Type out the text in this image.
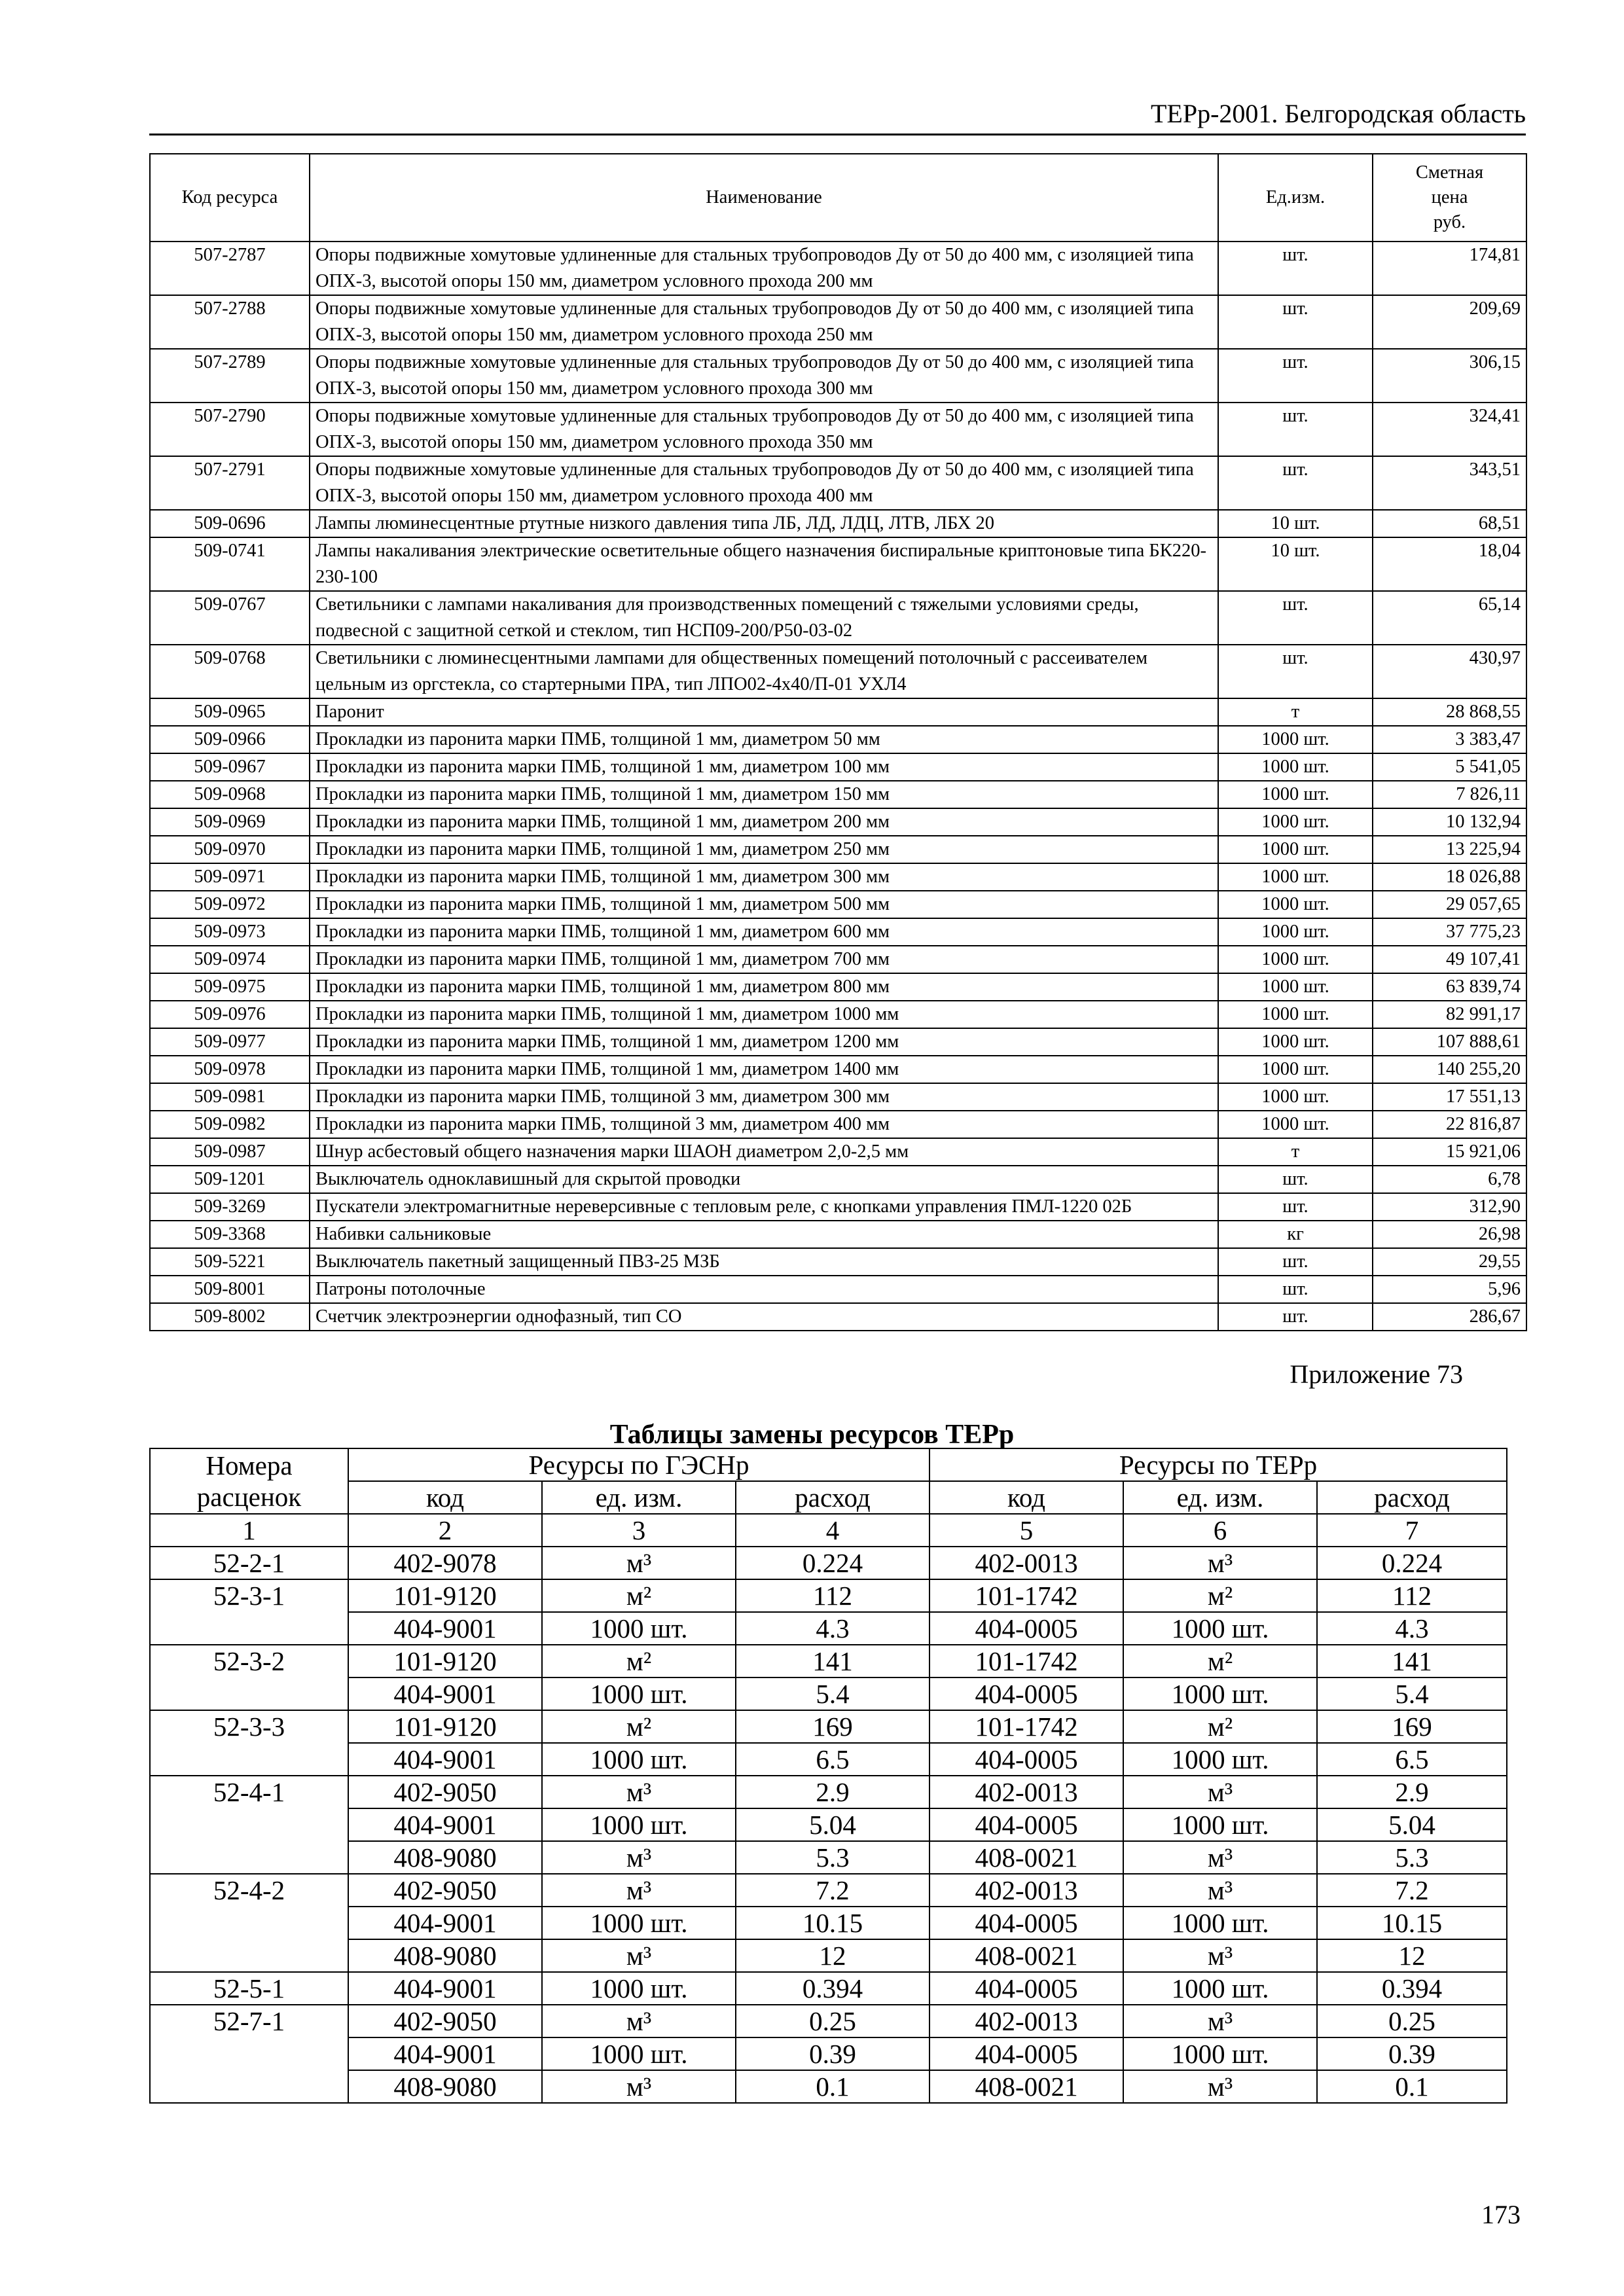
ТЕРр-2001. Белгородская область
Код ресурса	Наименование	Ед.изм.	Сметная цена руб.

507-2787	Опоры подвижные хомутовые удлиненные для стальных трубопроводов Ду от 50 до 400 мм, с изоляцией типа ОПХ-3, высотой опоры 150 мм, диаметром условного прохода 200 мм	шт.	174,81
507-2788	Опоры подвижные хомутовые удлиненные для стальных трубопроводов Ду от 50 до 400 мм, с изоляцией типа ОПХ-3, высотой опоры 150 мм, диаметром условного прохода 250 мм	шт.	209,69
507-2789	Опоры подвижные хомутовые удлиненные для стальных трубопроводов Ду от 50 до 400 мм, с изоляцией типа ОПХ-3, высотой опоры 150 мм, диаметром условного прохода 300 мм	шт.	306,15
507-2790	Опоры подвижные хомутовые удлиненные для стальных трубопроводов Ду от 50 до 400 мм, с изоляцией типа ОПХ-3, высотой опоры 150 мм, диаметром условного прохода 350 мм	шт.	324,41
507-2791	Опоры подвижные хомутовые удлиненные для стальных трубопроводов Ду от 50 до 400 мм, с изоляцией типа ОПХ-3, высотой опоры 150 мм, диаметром условного прохода 400 мм	шт.	343,51
509-0696	Лампы люминесцентные ртутные низкого давления типа ЛБ, ЛД, ЛДЦ, ЛТВ, ЛБХ 20	10 шт.	68,51
509-0741	Лампы накаливания электрические осветительные общего назначения биспиральные криптоновые типа БК220-230-100	10 шт.	18,04
509-0767	Светильники с лампами накаливания для производственных помещений с тяжелыми условиями среды, подвесной с защитной сеткой и стеклом, тип НСП09-200/Р50-03-02	шт.	65,14
509-0768	Светильники с люминесцентными лампами для общественных помещений потолочный с рассеивателем цельным из оргстекла, со стартерными ПРА, тип ЛПО02-4х40/П-01 УХЛ4	шт.	430,97
509-0965	Паронит	т	28 868,55
509-0966	Прокладки из паронита марки ПМБ, толщиной 1 мм, диаметром 50 мм	1000 шт.	3 383,47
509-0967	Прокладки из паронита марки ПМБ, толщиной 1 мм, диаметром 100 мм	1000 шт.	5 541,05
509-0968	Прокладки из паронита марки ПМБ, толщиной 1 мм, диаметром 150 мм	1000 шт.	7 826,11
509-0969	Прокладки из паронита марки ПМБ, толщиной 1 мм, диаметром 200 мм	1000 шт.	10 132,94
509-0970	Прокладки из паронита марки ПМБ, толщиной 1 мм, диаметром 250 мм	1000 шт.	13 225,94
509-0971	Прокладки из паронита марки ПМБ, толщиной 1 мм, диаметром 300 мм	1000 шт.	18 026,88
509-0972	Прокладки из паронита марки ПМБ, толщиной 1 мм, диаметром 500 мм	1000 шт.	29 057,65
509-0973	Прокладки из паронита марки ПМБ, толщиной 1 мм, диаметром 600 мм	1000 шт.	37 775,23
509-0974	Прокладки из паронита марки ПМБ, толщиной 1 мм, диаметром 700 мм	1000 шт.	49 107,41
509-0975	Прокладки из паронита марки ПМБ, толщиной 1 мм, диаметром 800 мм	1000 шт.	63 839,74
509-0976	Прокладки из паронита марки ПМБ, толщиной 1 мм, диаметром 1000 мм	1000 шт.	82 991,17
509-0977	Прокладки из паронита марки ПМБ, толщиной 1 мм, диаметром 1200 мм	1000 шт.	107 888,61
509-0978	Прокладки из паронита марки ПМБ, толщиной 1 мм, диаметром 1400 мм	1000 шт.	140 255,20
509-0981	Прокладки из паронита марки ПМБ, толщиной 3 мм, диаметром 300 мм	1000 шт.	17 551,13
509-0982	Прокладки из паронита марки ПМБ, толщиной 3 мм, диаметром 400 мм	1000 шт.	22 816,87
509-0987	Шнур асбестовый общего назначения марки ШАОН диаметром 2,0-2,5 мм	т	15 921,06
509-1201	Выключатель одноклавишный для скрытой проводки	шт.	6,78
509-3269	Пускатели электромагнитные нереверсивные с тепловым реле, с кнопками управления ПМЛ-1220 02Б	шт.	312,90
509-3368	Набивки сальниковые	кг	26,98
509-5221	Выключатель пакетный защищенный ПВЗ-25 МЗБ	шт.	29,55
509-8001	Патроны потолочные	шт.	5,96
509-8002	Счетчик электроэнергии однофазный, тип СО	шт.	286,67
Приложение 73
Таблицы замены ресурсов ТЕРр
Номера расценок	Ресурсы по ГЭСНр			Ресурсы по ТЕРр		
	код	ед. изм.	расход	код	ед. изм.	расход
1	2	3	4	5	6	7
52-2-1	402-9078	м³	0.224	402-0013	м³	0.224
52-3-1	101-9120	м²	112	101-1742	м²	112
	404-9001	1000 шт.	4.3	404-0005	1000 шт.	4.3
52-3-2	101-9120	м²	141	101-1742	м²	141
	404-9001	1000 шт.	5.4	404-0005	1000 шт.	5.4
52-3-3	101-9120	м²	169	101-1742	м²	169
	404-9001	1000 шт.	6.5	404-0005	1000 шт.	6.5
52-4-1	402-9050	м³	2.9	402-0013	м³	2.9
	404-9001	1000 шт.	5.04	404-0005	1000 шт.	5.04
	408-9080	м³	5.3	408-0021	м³	5.3
52-4-2	402-9050	м³	7.2	402-0013	м³	7.2
	404-9001	1000 шт.	10.15	404-0005	1000 шт.	10.15
	408-9080	м³	12	408-0021	м³	12
52-5-1	404-9001	1000 шт.	0.394	404-0005	1000 шт.	0.394
52-7-1	402-9050	м³	0.25	402-0013	м³	0.25
	404-9001	1000 шт.	0.39	404-0005	1000 шт.	0.39
	408-9080	м³	0.1	408-0021	м³	0.1
173
